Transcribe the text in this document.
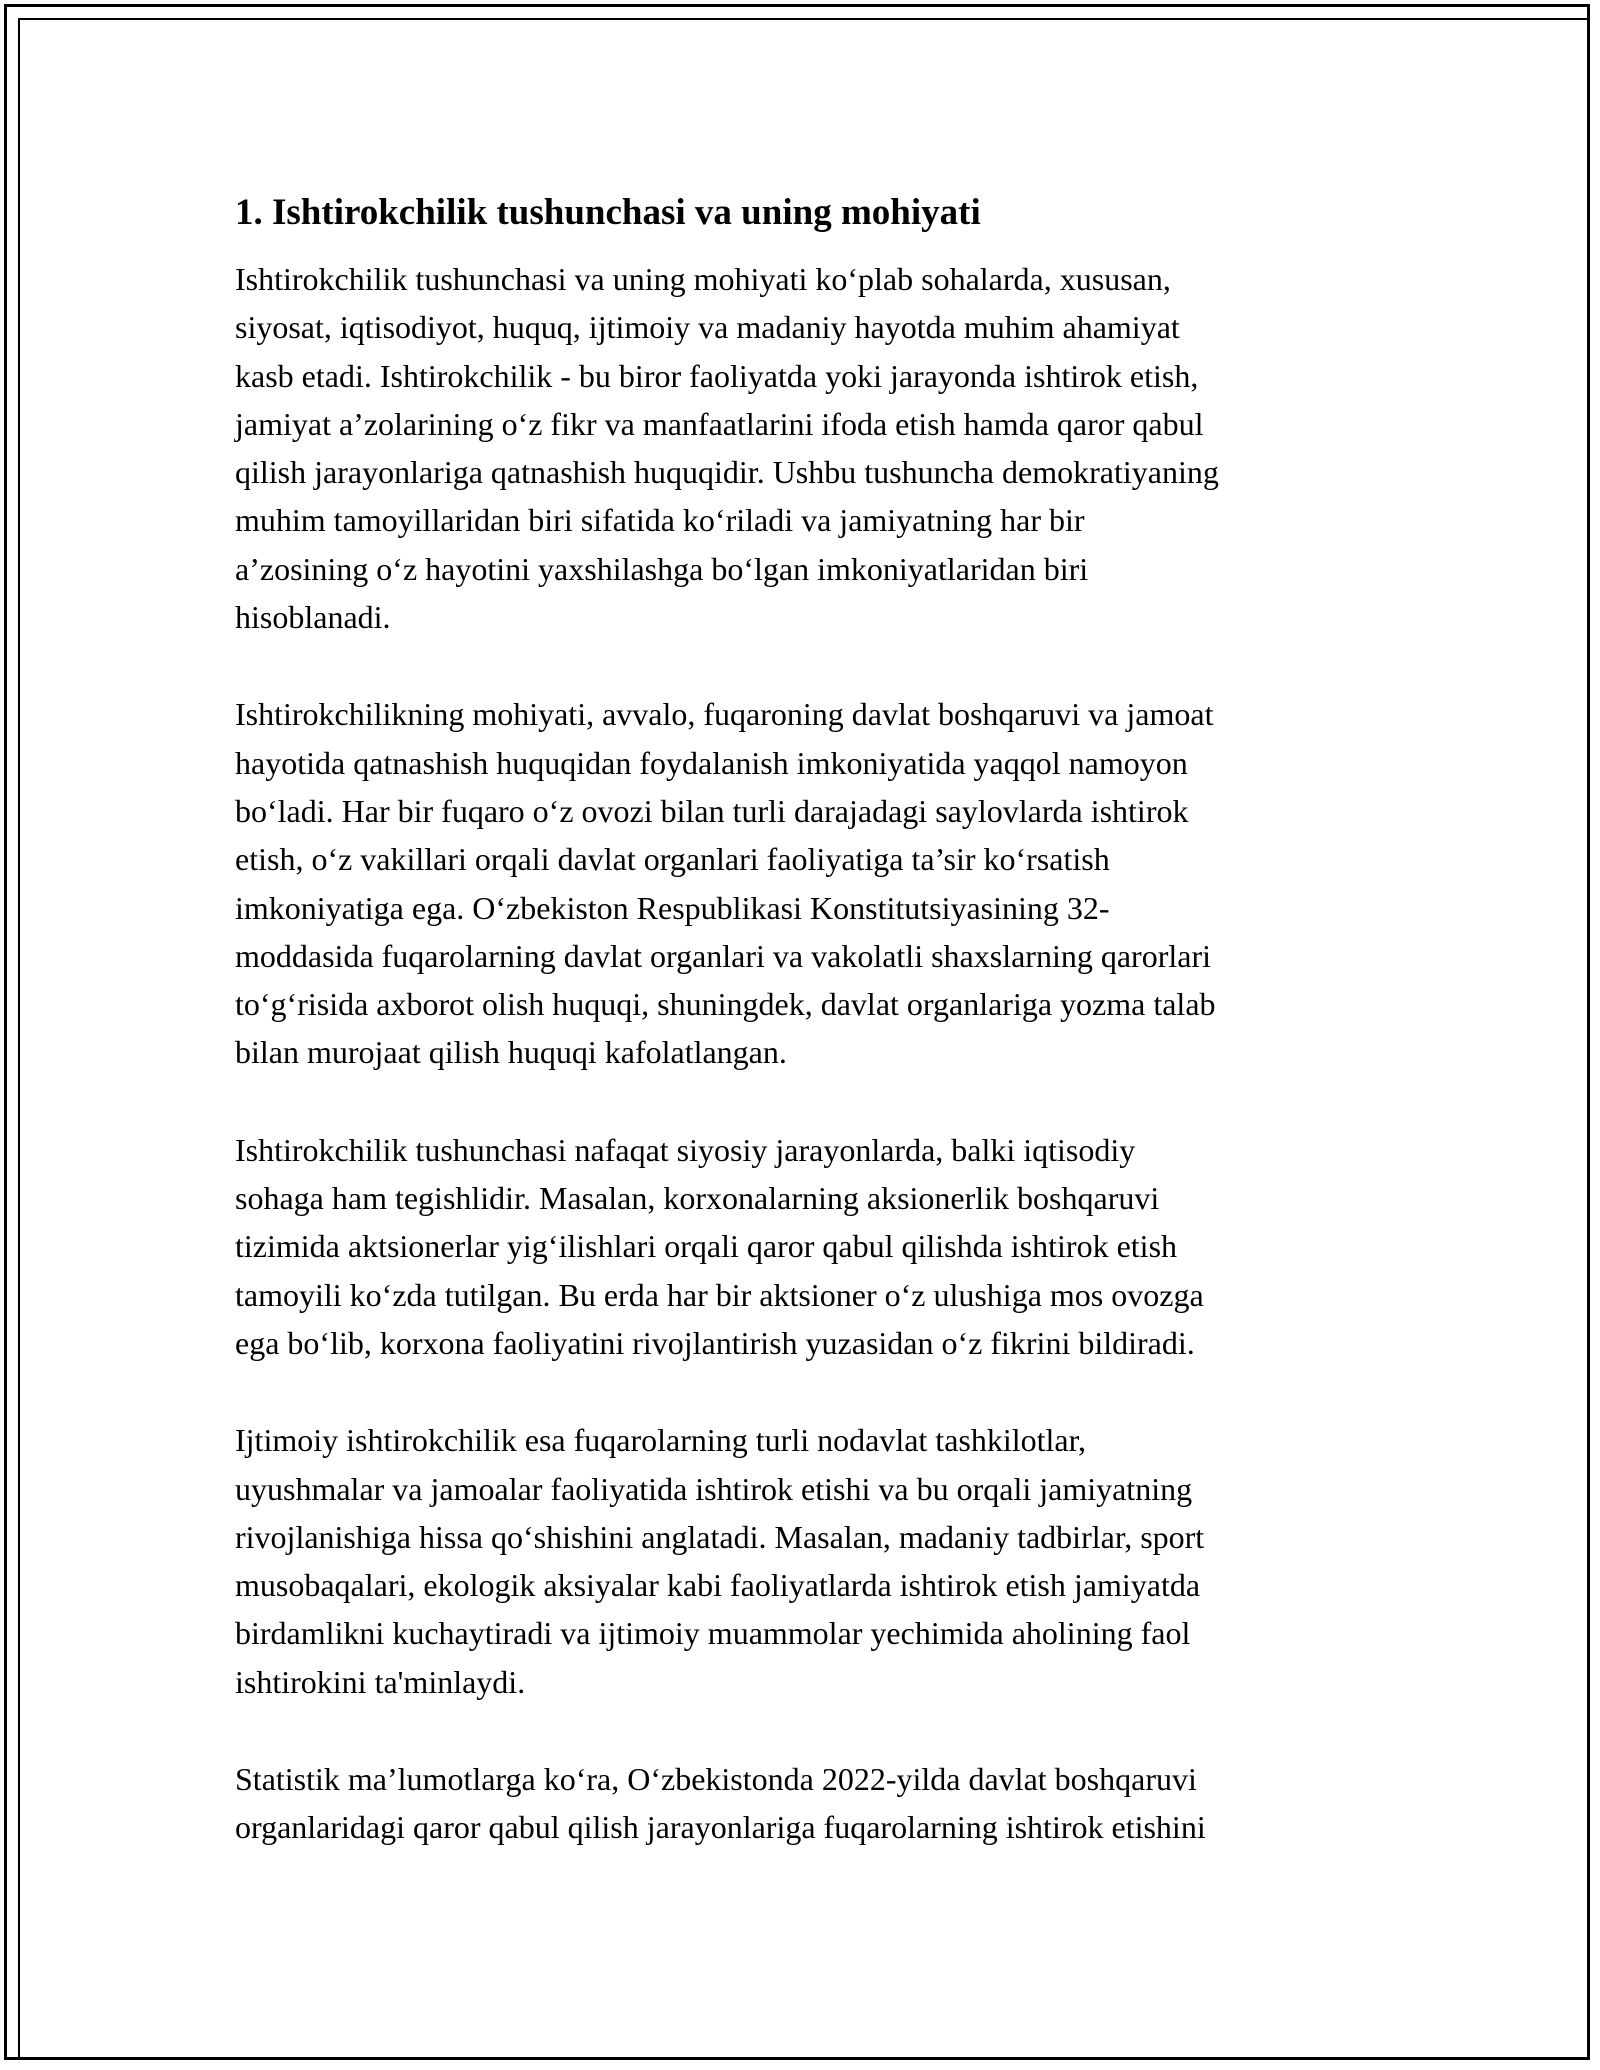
1. Ishtirokchilik tushunchasi va uning mohiyati

Ishtirokchilik tushunchasi va uning mohiyati ko‘plab sohalarda, xususan,
siyosat, iqtisodiyot, huquq, ijtimoiy va madaniy hayotda muhim ahamiyat
kasb etadi. Ishtirokchilik - bu biror faoliyatda yoki jarayonda ishtirok etish,
jamiyat a’zolarining o‘z fikr va manfaatlarini ifoda etish hamda qaror qabul
qilish jarayonlariga qatnashish huquqidir. Ushbu tushuncha demokratiyaning
muhim tamoyillaridan biri sifatida ko‘riladi va jamiyatning har bir
a’zosining o‘z hayotini yaxshilashga bo‘lgan imkoniyatlaridan biri
hisoblanadi.

Ishtirokchilikning mohiyati, avvalo, fuqaroning davlat boshqaruvi va jamoat
hayotida qatnashish huquqidan foydalanish imkoniyatida yaqqol namoyon
bo‘ladi. Har bir fuqaro o‘z ovozi bilan turli darajadagi saylovlarda ishtirok
etish, o‘z vakillari orqali davlat organlari faoliyatiga ta’sir ko‘rsatish
imkoniyatiga ega. O‘zbekiston Respublikasi Konstitutsiyasining 32-
moddasida fuqarolarning davlat organlari va vakolatli shaxslarning qarorlari
to‘g‘risida axborot olish huquqi, shuningdek, davlat organlariga yozma talab
bilan murojaat qilish huquqi kafolatlangan.

Ishtirokchilik tushunchasi nafaqat siyosiy jarayonlarda, balki iqtisodiy
sohaga ham tegishlidir. Masalan, korxonalarning aksionerlik boshqaruvi
tizimida aktsionerlar yig‘ilishlari orqali qaror qabul qilishda ishtirok etish
tamoyili ko‘zda tutilgan. Bu erda har bir aktsioner o‘z ulushiga mos ovozga
ega bo‘lib, korxona faoliyatini rivojlantirish yuzasidan o‘z fikrini bildiradi.

Ijtimoiy ishtirokchilik esa fuqarolarning turli nodavlat tashkilotlar,
uyushmalar va jamoalar faoliyatida ishtirok etishi va bu orqali jamiyatning
rivojlanishiga hissa qo‘shishini anglatadi. Masalan, madaniy tadbirlar, sport
musobaqalari, ekologik aksiyalar kabi faoliyatlarda ishtirok etish jamiyatda
birdamlikni kuchaytiradi va ijtimoiy muammolar yechimida aholining faol
ishtirokini ta'minlaydi.

Statistik ma’lumotlarga ko‘ra, O‘zbekistonda 2022-yilda davlat boshqaruvi
organlaridagi qaror qabul qilish jarayonlariga fuqarolarning ishtirok etishini
